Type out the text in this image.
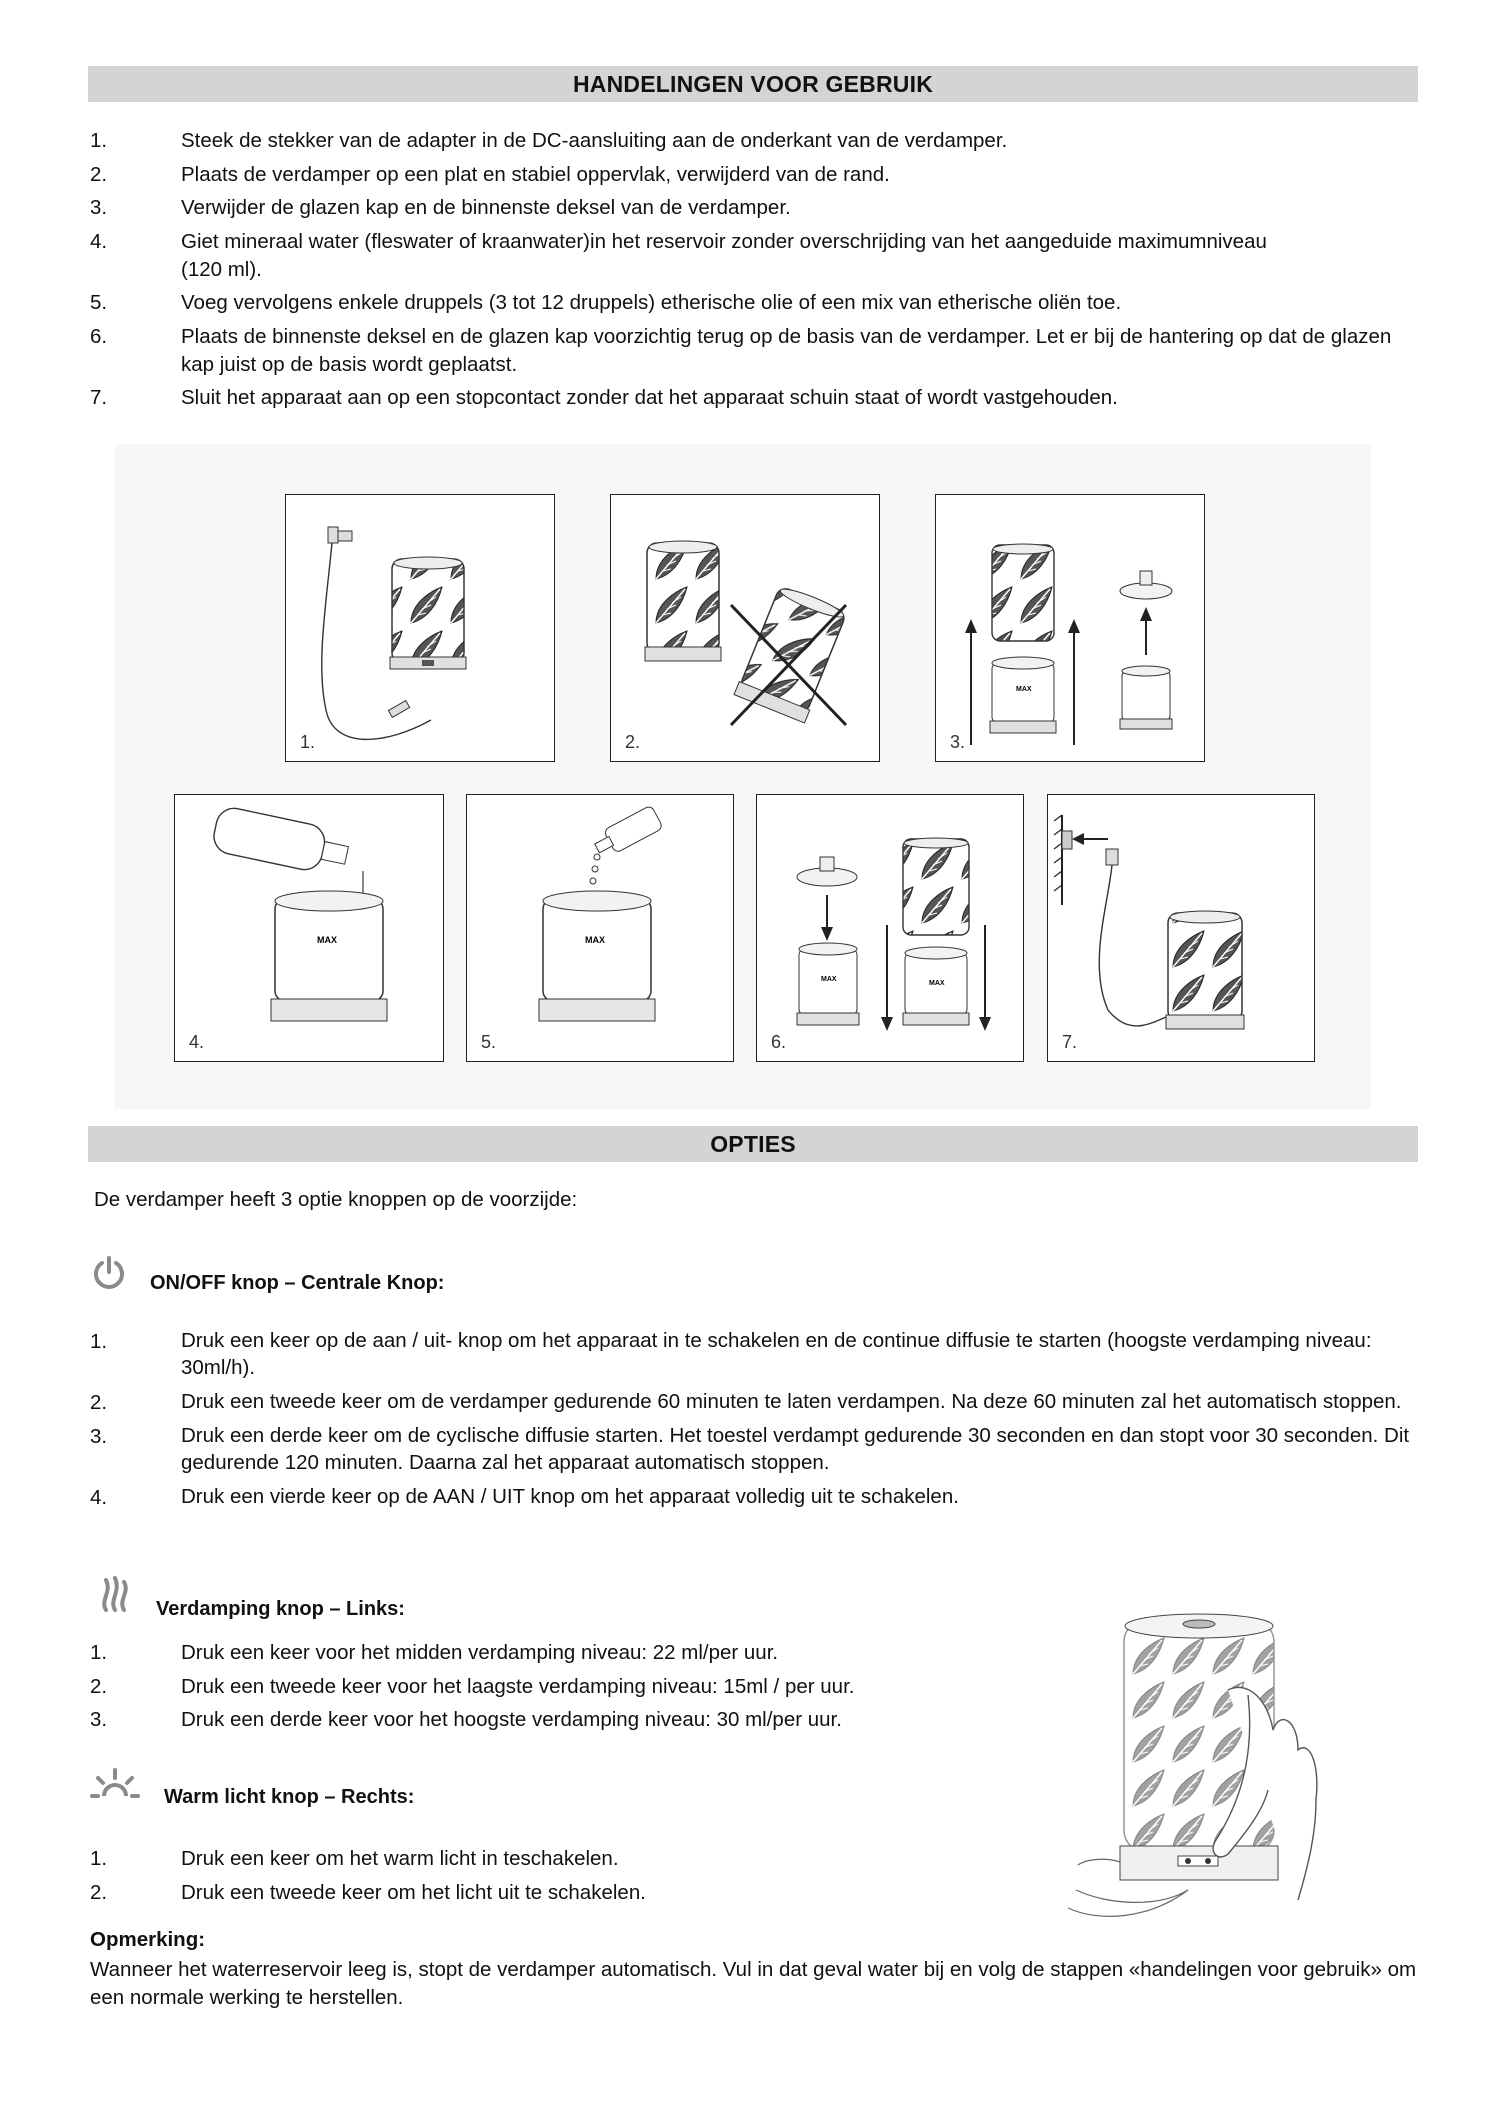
HANDELINGEN VOOR GEBRUIK
1.	Steek de stekker van de adapter in de DC-aansluiting aan de onderkant van de verdamper.
2.	Plaats de verdamper op een plat en stabiel oppervlak, verwijderd van de rand.
3.	Verwijder de glazen kap en de binnenste deksel van de verdamper.
4.	Giet mineraal water (fleswater of kraanwater)in het reservoir zonder overschrijding van het aangeduide maximumniveau (120 ml).
5.	Voeg vervolgens enkele druppels (3 tot 12 druppels) etherische olie of een mix van etherische oliën toe.
6.	Plaats de binnenste deksel en de glazen kap voorzichtig terug op de basis van de verdamper. Let er bij de hantering op dat de glazen kap juist op de basis wordt geplaatst.
7.	Sluit het apparaat aan op een stopcontact zonder dat het apparaat schuin staat of wordt vastgehouden.
1.	2.
MAX
3.
MAX
4.
MAX
5.
MAX
MAX
6.	7.
OPTIES
De verdamper heeft 3 optie knoppen op de voorzijde:
ON/OFF knop – Centrale Knop:
1.	Druk een keer op de aan / uit- knop om het apparaat in te schakelen en de continue diffusie te starten (hoogste verdamping niveau: 30ml/h).
2.	Druk een tweede keer om de verdamper gedurende 60 minuten te laten verdampen. Na deze 60 minuten zal het automatisch stoppen.
3.	Druk een derde keer om de cyclische diffusie starten. Het toestel verdampt gedurende 30 seconden en dan stopt voor 30 seconden. Dit gedurende 120 minuten. Daarna zal het apparaat automatisch stoppen.
4.	Druk een vierde keer op de AAN / UIT knop om het apparaat volledig uit te schakelen.
Verdamping knop – Links:
1.	Druk een keer voor het midden verdamping niveau: 22 ml/per uur.
2.	Druk een tweede keer voor het laagste verdamping niveau: 15ml / per uur.
3.	Druk een derde keer voor het hoogste verdamping niveau: 30 ml/per uur.
Warm licht knop – Rechts:
1.	Druk een keer om het warm licht in teschakelen.
2.	Druk een tweede keer om het licht uit te schakelen.
Opmerking:
Wanneer het waterreservoir leeg is, stopt de verdamper automatisch. Vul in dat geval water bij en volg de stappen «handelingen voor gebruik» om een normale werking te herstellen.
